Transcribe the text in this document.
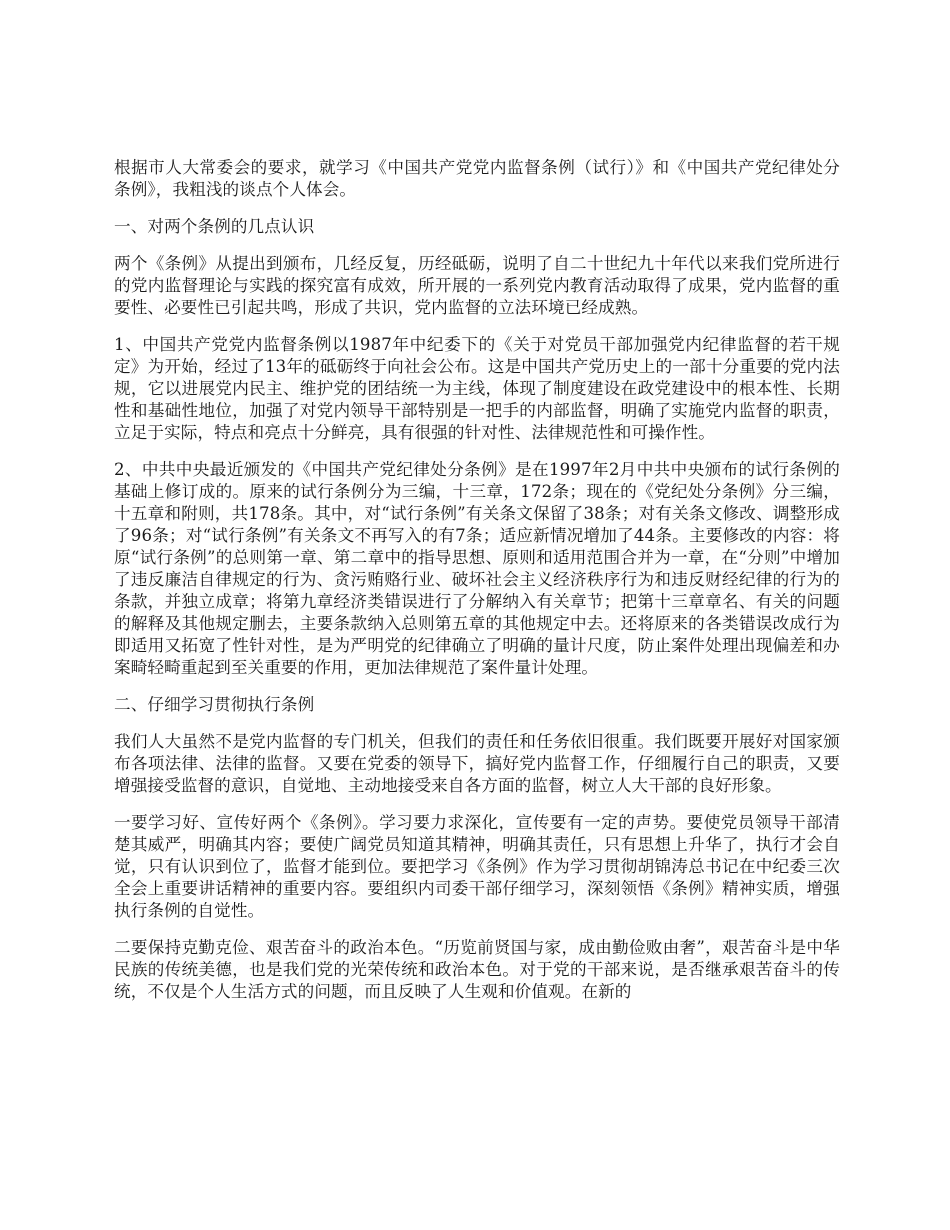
根据市人大常委会的要求，就学习《中国共产党党内监督条例（试行）》和《中国共产党纪律处分条例》，我粗浅的谈点个人体会。

一、对两个条例的几点认识

两个《条例》从提出到颁布，几经反复，历经砥砺，说明了自二十世纪九十年代以来我们党所进行的党内监督理论与实践的探究富有成效，所开展的一系列党内教育活动取得了成果，党内监督的重要性、必要性已引起共鸣，形成了共识，党内监督的立法环境已经成熟。

1、中国共产党党内监督条例以1987年中纪委下的《关于对党员干部加强党内纪律监督的若干规定》为开始，经过了13年的砥砺终于向社会公布。这是中国共产党历史上的一部十分重要的党内法规，它以进展党内民主、维护党的团结统一为主线，体现了制度建设在政党建设中的根本性、长期性和基础性地位，加强了对党内领导干部特别是一把手的内部监督，明确了实施党内监督的职责，立足于实际，特点和亮点十分鲜亮，具有很强的针对性、法律规范性和可操作性。

2、中共中央最近颁发的《中国共产党纪律处分条例》是在1997年2月中共中央颁布的试行条例的基础上修订成的。原来的试行条例分为三编，十三章，172条；现在的《党纪处分条例》分三编，十五章和附则，共178条。其中，对“试行条例”有关条文保留了38条；对有关条文修改、调整形成了96条；对“试行条例”有关条文不再写入的有7条；适应新情况增加了44条。主要修改的内容：将原“试行条例”的总则第一章、第二章中的指导思想、原则和适用范围合并为一章，在“分则”中增加了违反廉洁自律规定的行为、贪污贿赂行业、破坏社会主义经济秩序行为和违反财经纪律的行为的条款，并独立成章；将第九章经济类错误进行了分解纳入有关章节；把第十三章章名、有关的问题的解释及其他规定删去，主要条款纳入总则第五章的其他规定中去。还将原来的各类错误改成行为即适用又拓宽了性针对性，是为严明党的纪律确立了明确的量计尺度，防止案件处理出现偏差和办案畸轻畸重起到至关重要的作用，更加法律规范了案件量计处理。

二、仔细学习贯彻执行条例

我们人大虽然不是党内监督的专门机关，但我们的责任和任务依旧很重。我们既要开展好对国家颁布各项法律、法律的监督。又要在党委的领导下，搞好党内监督工作，仔细履行自己的职责，又要增强接受监督的意识，自觉地、主动地接受来自各方面的监督，树立人大干部的良好形象。

一要学习好、宣传好两个《条例》。学习要力求深化，宣传要有一定的声势。要使党员领导干部清楚其威严，明确其内容；要使广阔党员知道其精神，明确其责任，只有思想上升华了，执行才会自觉，只有认识到位了，监督才能到位。要把学习《条例》作为学习贯彻胡锦涛总书记在中纪委三次全会上重要讲话精神的重要内容。要组织内司委干部仔细学习，深刻领悟《条例》精神实质，增强执行条例的自觉性。

二要保持克勤克俭、艰苦奋斗的政治本色。“历览前贤国与家，成由勤俭败由奢”，艰苦奋斗是中华民族的传统美德，也是我们党的光荣传统和政治本色。对于党的干部来说，是否继承艰苦奋斗的传统，不仅是个人生活方式的问题，而且反映了人生观和价值观。在新的
